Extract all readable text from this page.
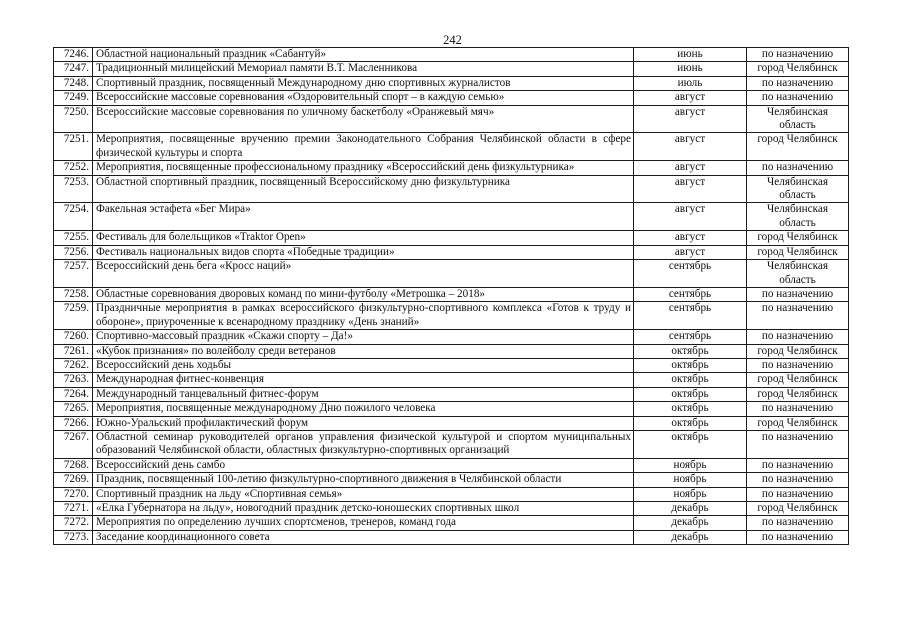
242
7246.	Областной национальный праздник «Сабантуй»	июнь	по назначению
7247.	Традиционный милицейский Мемориал памяти В.Т. Масленникова	июнь	город Челябинск
7248.	Спортивный праздник, посвященный Международному дню спортивных журналистов	июль	по назначению
7249.	Всероссийские массовые соревнования «Оздоровительный спорт – в каждую семью»	август	по назначению
7250.	Всероссийские массовые соревнования по уличному баскетболу «Оранжевый мяч»	август	Челябинская область
7251.	Мероприятия, посвященные вручению премии Законодательного Собрания Челябинской области в сфере физической культуры и спорта	август	город Челябинск
7252.	Мероприятия, посвященные профессиональному празднику «Всероссийский день физкультурника»	август	по назначению
7253.	Областной спортивный праздник, посвященный Всероссийскому дню физкультурника	август	Челябинская область
7254.	Факельная эстафета «Бег Мира»	август	Челябинская область
7255.	Фестиваль для болельщиков «Traktor Open»	август	город Челябинск
7256.	Фестиваль национальных видов спорта «Победные традиции»	август	город Челябинск
7257.	Всероссийский день бега «Кросс наций»	сентябрь	Челябинская область
7258.	Областные соревнования дворовых команд по мини-футболу «Метрошка – 2018»	сентябрь	по назначению
7259.	Праздничные мероприятия в рамках всероссийского физкультурно-спортивного комплекса «Готов к труду и обороне», приуроченные к всенародному празднику «День знаний»	сентябрь	по назначению
7260.	Спортивно-массовый праздник «Скажи спорту – Да!»	сентябрь	по назначению
7261.	«Кубок признания» по волейболу среди ветеранов	октябрь	город Челябинск
7262.	Всероссийский день ходьбы	октябрь	по назначению
7263.	Международная фитнес-конвенция	октябрь	город Челябинск
7264.	Международный танцевальный фитнес-форум	октябрь	город Челябинск
7265.	Мероприятия, посвященные международному Дню пожилого человека	октябрь	по назначению
7266.	Южно-Уральский профилактический форум	октябрь	город Челябинск
7267.	Областной семинар руководителей органов управления физической культурой и спортом муниципальных образований Челябинской области, областных физкультурно-спортивных организаций	октябрь	по назначению
7268.	Всероссийский день самбо	ноябрь	по назначению
7269.	Праздник, посвященный 100-летию физкультурно-спортивного движения в Челябинской области	ноябрь	по назначению
7270.	Спортивный праздник на льду «Спортивная семья»	ноябрь	по назначению
7271.	«Елка Губернатора на льду», новогодний праздник детско-юношеских спортивных школ	декабрь	город Челябинск
7272.	Мероприятия по определению лучших спортсменов, тренеров, команд года	декабрь	по назначению
7273.	Заседание координационного совета	декабрь	по назначению
